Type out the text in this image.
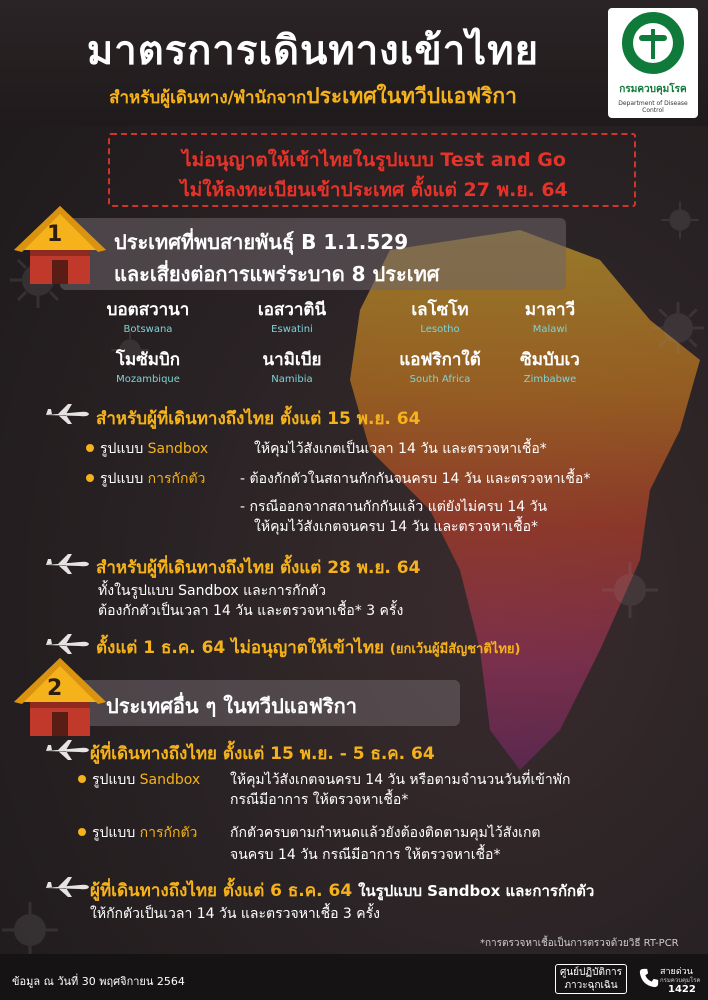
มาตรการเดินทางเข้าไทย
สำหรับผู้เดินทาง/พำนักจากประเทศในทวีปแอฟริกา	กรมควบคุมโรค
Department of Disease Control
ไม่อนุญาตให้เข้าไทยในรูปแบบ Test and Go
ไม่ให้ลงทะเบียนเข้าประเทศ ตั้งแต่ 27 พ.ย. 64
1	ประเทศที่พบสายพันธุ์ B 1.1.529
และเสี่ยงต่อการแพร่ระบาด 8 ประเทศ
บอตสวานา
Botswana
เอสวาตินี
Eswatini
เลโซโท
Lesotho
มาลาวี
Malawi
โมซัมบิก
Mozambique
นามิเบีย
Namibia
แอฟริกาใต้
South Africa
ซิมบับเว
Zimbabwe
สำหรับผู้ที่เดินทางถึงไทย ตั้งแต่ 15 พ.ย. 64
รูปแบบ Sandbox	ให้คุมไว้สังเกตเป็นเวลา 14 วัน และตรวจหาเชื้อ*
รูปแบบ การกักตัว - ต้องกักตัวในสถานกักกันจนครบ 14 วัน และตรวจหาเชื้อ*
- กรณีออกจากสถานกักกันแล้ว แต่ยังไม่ครบ 14 วัน
ให้คุมไว้สังเกตจนครบ 14 วัน และตรวจหาเชื้อ*
สำหรับผู้ที่เดินทางถึงไทย ตั้งแต่ 28 พ.ย. 64
ทั้งในรูปแบบ Sandbox และการกักตัว
ต้องกักตัวเป็นเวลา 14 วัน และตรวจหาเชื้อ* 3 ครั้ง
ตั้งแต่ 1 ธ.ค. 64 ไม่อนุญาตให้เข้าไทย (ยกเว้นผู้มีสัญชาติไทย)
2
ประเทศอื่น ๆ ในทวีปแอฟริกา
ผู้ที่เดินทางถึงไทย ตั้งแต่ 15 พ.ย. - 5 ธ.ค. 64
รูปแบบ Sandbox ให้คุมไว้สังเกตจนครบ 14 วัน หรือตามจำนวนวันที่เข้าพัก
กรณีมีอาการ ให้ตรวจหาเชื้อ*
รูปแบบ การกักตัว กักตัวครบตามกำหนดแล้วยังต้องติดตามคุมไว้สังเกต
จนครบ 14 วัน กรณีมีอาการ ให้ตรวจหาเชื้อ*
ผู้ที่เดินทางถึงไทย ตั้งแต่ 6 ธ.ค. 64 ในรูปแบบ Sandbox และการกักตัว
ให้กักตัวเป็นเวลา 14 วัน และตรวจหาเชื้อ 3 ครั้ง
*การตรวจหาเชื้อเป็นการตรวจด้วยวิธี RT-PCR
ข้อมูล ณ วันที่ 30 พฤศจิกายน 2564
ศูนย์ปฏิบัติการ
ภาวะฉุกเฉิน
สายด่วน
กรมควบคุมโรค
1422
